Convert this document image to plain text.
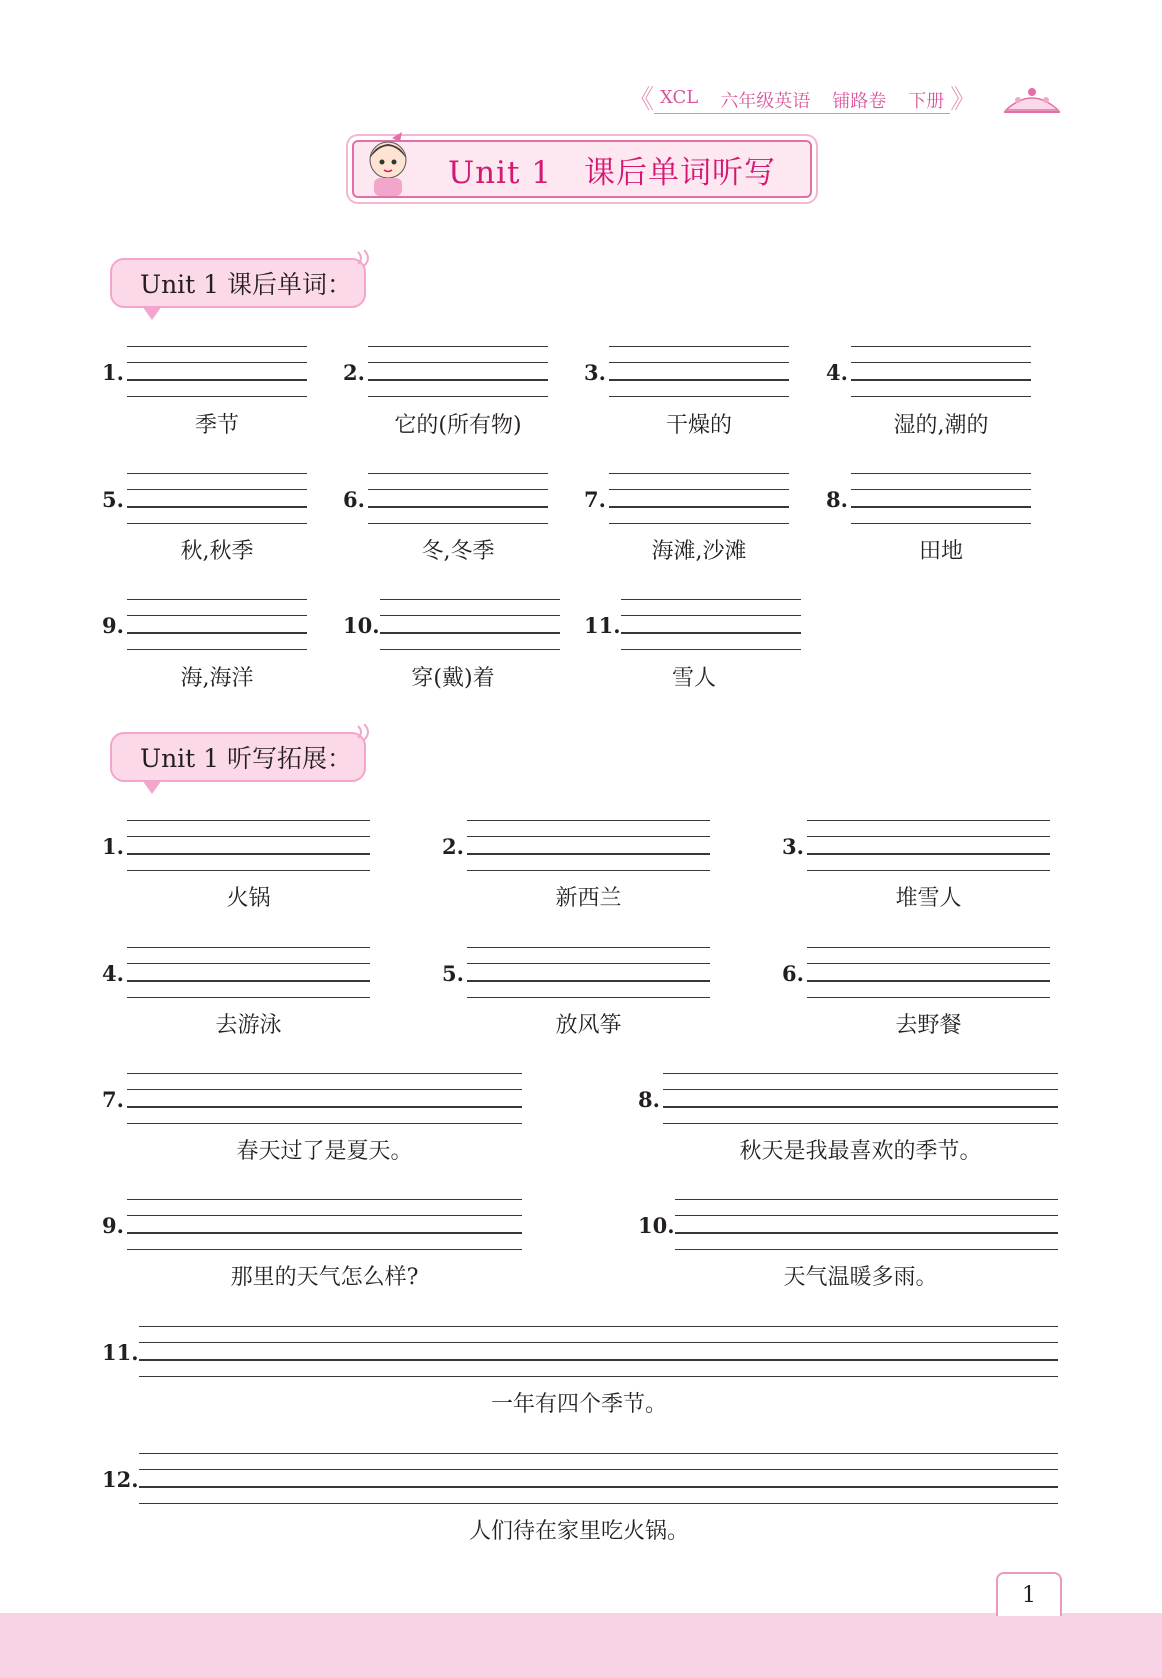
《 XCL 六年级英语 铺路卷 下册 》
Unit 1　课后单词听写
Unit 1 课后单词：
1.
季节
2.
它的(所有物)
3.
干燥的
4.
湿的,潮的
5.
秋,秋季
6.
冬,冬季
7.
海滩,沙滩
8.
田地
9.
海,海洋
10.
穿(戴)着
11.
雪人
Unit 1 听写拓展：
1.
火锅
2.
新西兰
3.
堆雪人
4.
去游泳
5.
放风筝
6.
去野餐
7.
春天过了是夏天。
8.
秋天是我最喜欢的季节。
9.
那里的天气怎么样?
10.
天气温暖多雨。
11.
一年有四个季节。
12.
人们待在家里吃火锅。
1
